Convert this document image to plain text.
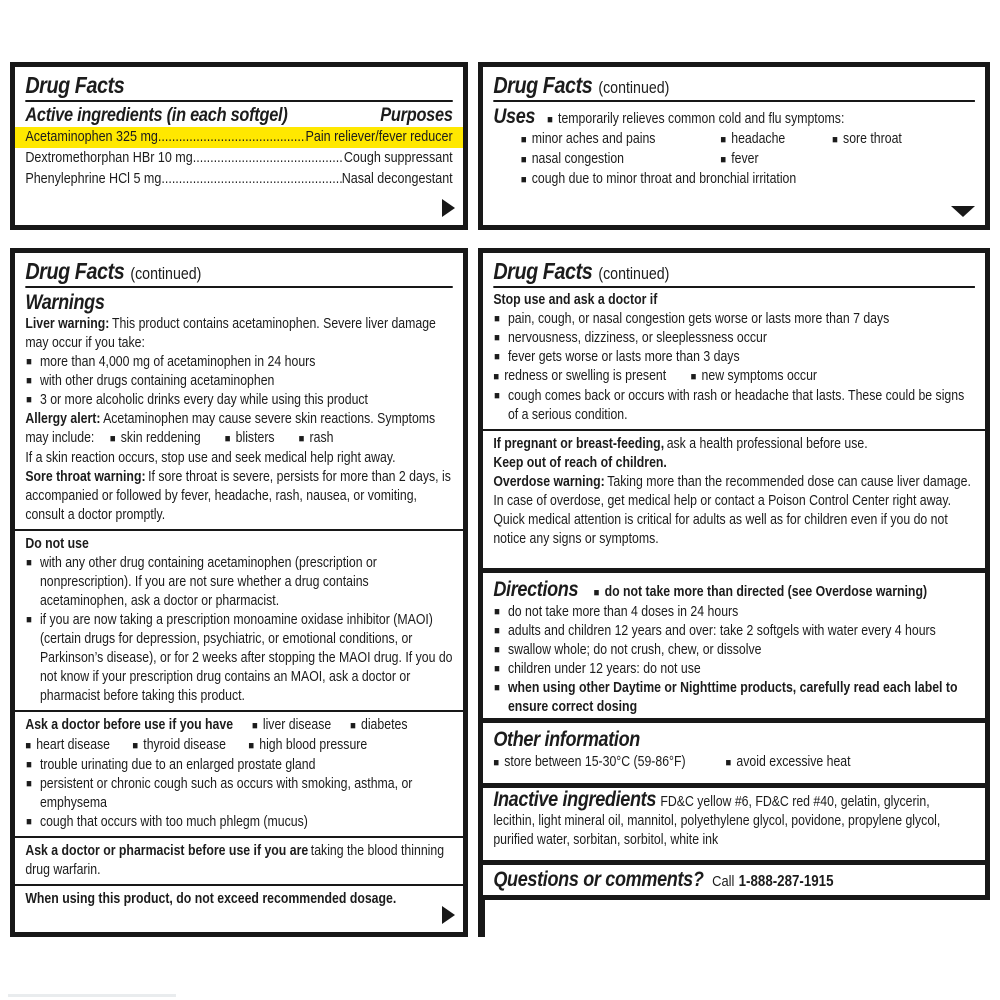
Drug Facts
Active ingredients (in each softgel)	Purposes
Acetaminophen 325 mg .....	Pain reliever/fever reducer
Dextromethorphan HBr 10 mg .....	Cough suppressant
Phenylephrine HCl 5 mg .....	Nasal decongestant
Drug Facts (continued)
Uses	■ temporarily relieves common cold and flu symptoms:
■ minor aches and pains	■ headache	■ sore throat
■ nasal congestion	■ fever
■ cough due to minor throat and bronchial irritation
Drug Facts (continued)
Warnings

Liver warning: This product contains acetaminophen. Severe liver damage may occur if you take:

■ more than 4,000 mg of acetaminophen in 24 hours

■ with other drugs containing acetaminophen

■ 3 or more alcoholic drinks every day while using this product

Allergy alert: Acetaminophen may cause severe skin reactions. Symptoms may include: ■ skin reddening ■ blisters ■ rash

If a skin reaction occurs, stop use and seek medical help right away.

Sore throat warning: If sore throat is severe, persists for more than 2 days, is accompanied or followed by fever, headache, rash, nausea, or vomiting, consult a doctor promptly.

Do not use

■ with any other drug containing acetaminophen (prescription or nonprescription). If you are not sure whether a drug contains acetaminophen, ask a doctor or pharmacist.

■ if you are now taking a prescription monoamine oxidase inhibitor (MAOI) (certain drugs for depression, psychiatric, or emotional conditions, or Parkinson’s disease), or for 2 weeks after stopping the MAOI drug. If you do not know if your prescription drug contains an MAOI, ask a doctor or pharmacist before taking this product.

Ask a doctor before use if you have	■ liver disease	■ diabetes
■ heart disease	■ thyroid disease	■ high blood pressure

■ trouble urinating due to an enlarged prostate gland

■ persistent or chronic cough such as occurs with smoking, asthma, or emphysema

■ cough that occurs with too much phlegm (mucus)

Ask a doctor or pharmacist before use if you are taking the blood thinning drug warfarin.

When using this product, do not exceed recommended dosage.

Drug Facts (continued)

Stop use and ask a doctor if

■ pain, cough, or nasal congestion gets worse or lasts more than 7 days

■ nervousness, dizziness, or sleeplessness occur

■ fever gets worse or lasts more than 3 days

■ redness or swelling is present ■ new symptoms occur

■ cough comes back or occurs with rash or headache that lasts. These could be signs of a serious condition.

If pregnant or breast-feeding, ask a health professional before use.

Keep out of reach of children.

Overdose warning: Taking more than the recommended dose can cause liver damage. In case of overdose, get medical help or contact a Poison Control Center right away. Quick medical attention is critical for adults as well as for children even if you do not notice any signs or symptoms.

Directions	■ do not take more than directed (see Overdose warning)

■ do not take more than 4 doses in 24 hours

■ adults and children 12 years and over: take 2 softgels with water every 4 hours

■ swallow whole; do not crush, chew, or dissolve

■ children under 12 years: do not use

■ when using other Daytime or Nighttime products, carefully read each label to ensure correct dosing

Other information
■ store between 15-30°C (59-86°F)	■ avoid excessive heat

Inactive ingredients FD&C yellow #6, FD&C red #40, gelatin, glycerin, lecithin, light mineral oil, mannitol, polyethylene glycol, povidone, propylene glycol, purified water, sorbitan, sorbitol, white ink

Questions or comments? Call 1-888-287-1915
